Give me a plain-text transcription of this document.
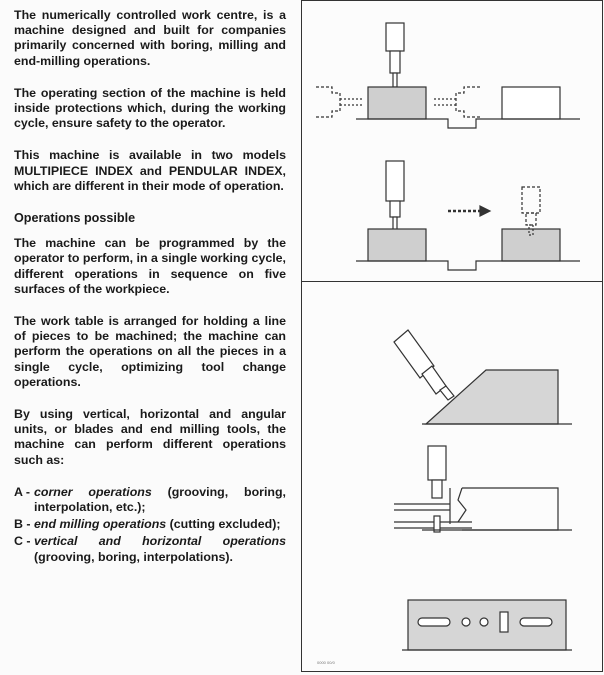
The numerically controlled work centre, is a machine designed and built for companies primarily concerned with boring, milling and end-milling operations.

The operating section of the machine is held inside protections which, during the working cycle, ensure safety to the operator.

This machine is available in two models MULTIPIECE INDEX and PENDULAR INDEX, which are different in their mode of operation.

Operations possible

The machine can be programmed by the operator to perform, in a single working cycle, different operations in sequence on five surfaces of the workpiece.

The work table is arranged for holding a line of pieces to be machined; the machine can perform the operations on all the pieces in a single cycle, optimizing tool change operations.

By using vertical, horizontal and angular units, or blades and end milling tools, the machine can perform different operations such as:

A - corner operations (grooving, boring, interpolation, etc.);
B - end milling operations (cutting excluded);
C - vertical and horizontal operations (grooving, boring, interpolations).
0000 00/0
